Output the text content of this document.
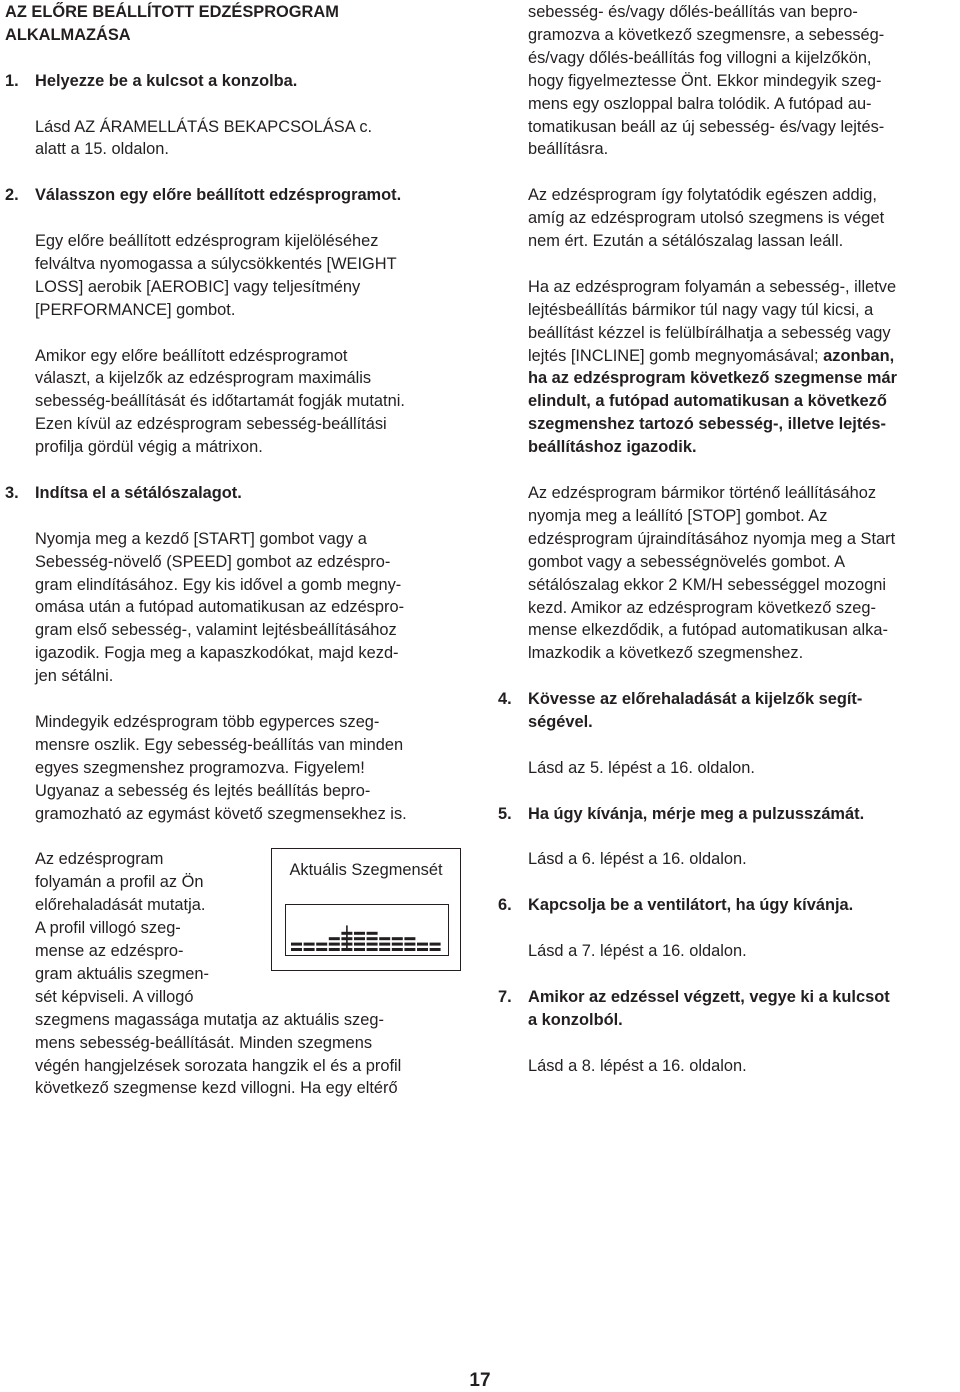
AZ ELŐRE BEÁLLÍTOTT EDZÉSPROGRAM
ALKALMAZÁSA

1. Helyezze be a kulcsot a konzolba.

Lásd AZ ÁRAMELLÁTÁS BEKAPCSOLÁSA c.
alatt a 15. oldalon.

2. Válasszon egy előre beállított edzésprogramot.

Egy előre beállított edzésprogram kijelöléséhez
felváltva nyomogassa a súlycsökkentés [WEIGHT
LOSS] aerobik [AEROBIC] vagy teljesítmény
[PERFORMANCE] gombot.

Amikor egy előre beállított edzésprogramot
választ, a kijelzők az edzésprogram maximális
sebesség-beállítását és időtartamát fogják mutatni.
Ezen kívül az edzésprogram sebesség-beállítási
profilja gördül végig a mátrixon.

3. Indítsa el a sétálószalagot.

Nyomja meg a kezdő [START] gombot vagy a
Sebesség-növelő (SPEED] gombot az edzéspro-
gram elindításához. Egy kis idővel a gomb megny-
omása után a futópad automatikusan az edzéspro-
gram első sebesség-, valamint lejtésbeállításához
igazodik. Fogja meg a kapaszkodókat, majd kezd-
jen sétálni.

Mindegyik edzésprogram több egyperces szeg-
mensre oszlik. Egy sebesség-beállítás van minden
egyes szegmenshez programozva. Figyelem!
Ugyanaz a sebesség és lejtés beállítás bepro-
gramozható az egymást követő szegmensekhez is.

Aktuális Szegmensét

Az edzésprogram
folyamán a profil az Ön
előrehaladását mutatja.
A profil villogó szeg-
mense az edzéspro-
gram aktuális szegmen-
sét képviseli. A villogó
szegmens magassága mutatja az aktuális szeg-
mens sebesség-beállítását. Minden szegmens
végén hangjelzések sorozata hangzik el és a profil
következő szegmense kezd villogni. Ha egy eltérő

sebesség- és/vagy dőlés-beállítás van bepro-
gramozva a következő szegmensre, a sebesség-
és/vagy dőlés-beállítás fog villogni a kijelzőkön,
hogy figyelmeztesse Önt. Ekkor mindegyik szeg-
mens egy oszloppal balra tolódik. A futópad au-
tomatikusan beáll az új sebesség- és/vagy lejtés-
beállításra.

Az edzésprogram így folytatódik egészen addig,
amíg az edzésprogram utolsó szegmens is véget
nem ért. Ezután a sétálószalag lassan leáll.

Ha az edzésprogram folyamán a sebesség-, illetve
lejtésbeállítás bármikor túl nagy vagy túl kicsi, a
beállítást kézzel is felülbírálhatja a sebesség vagy
lejtés [INCLINE] gomb megnyomásával; azonban,
ha az edzésprogram következő szegmense már
elindult, a futópad automatikusan a következő
szegmenshez tartozó sebesség-, illetve lejtés-
beállításhoz igazodik.

Az edzésprogram bármikor történő leállításához
nyomja meg a leállító [STOP] gombot. Az
edzésprogram újraindításához nyomja meg a Start
gombot vagy a sebességnövelés gombot. A
sétálószalag ekkor 2 KM/H sebességgel mozogni
kezd. Amikor az edzésprogram következő szeg-
mense elkezdődik, a futópad automatikusan alka-
lmazkodik a következő szegmenshez.

4. Kövesse az előrehaladását a kijelzők segít-
ségével.

Lásd az 5. lépést a 16. oldalon.

5. Ha úgy kívánja, mérje meg a pulzusszámát.

Lásd a 6. lépést a 16. oldalon.

6. Kapcsolja be a ventilátort, ha úgy kívánja.

Lásd a 7. lépést a 16. oldalon.

7. Amikor az edzéssel végzett, vegye ki a kulcsot
a konzolból.

Lásd a 8. lépést a 16. oldalon.

17
